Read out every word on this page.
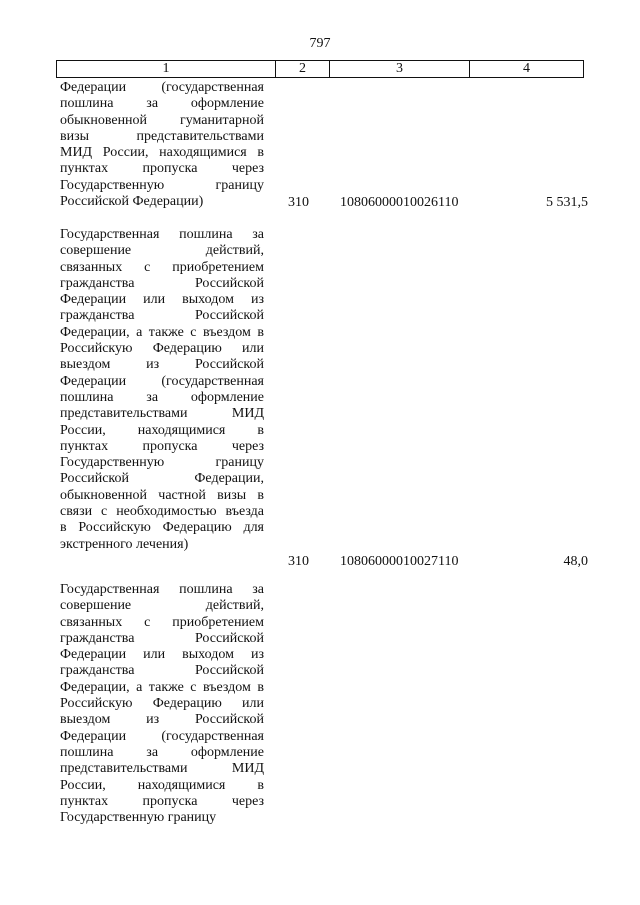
797
1	2	3	4
Федерации (государственная
пошлина за оформление
обыкновенной гуманитарной
визы представительствами
МИД России, находящимися в
пунктах пропуска через
Государственную границу
Российской Федерации)	310	10806000010026110	5 531,5
Государственная пошлина за
совершение действий,
связанных с приобретением
гражданства Российской
Федерации или выходом из
гражданства Российской
Федерации, а также с въездом в
Российскую Федерацию или
выездом из Российской
Федерации (государственная
пошлина за оформление
представительствами МИД
России, находящимися в
пунктах пропуска через
Государственную границу
Российской Федерации,
обыкновенной частной визы в
связи с необходимостью въезда
в Российскую Федерацию для
экстренного лечения)
310	10806000010027110	48,0
Государственная пошлина за
совершение действий,
связанных с приобретением
гражданства Российской
Федерации или выходом из
гражданства Российской
Федерации, а также с въездом в
Российскую Федерацию или
выездом из Российской
Федерации (государственная
пошлина за оформление
представительствами МИД
России, находящимися в
пунктах пропуска через
Государственную границу
